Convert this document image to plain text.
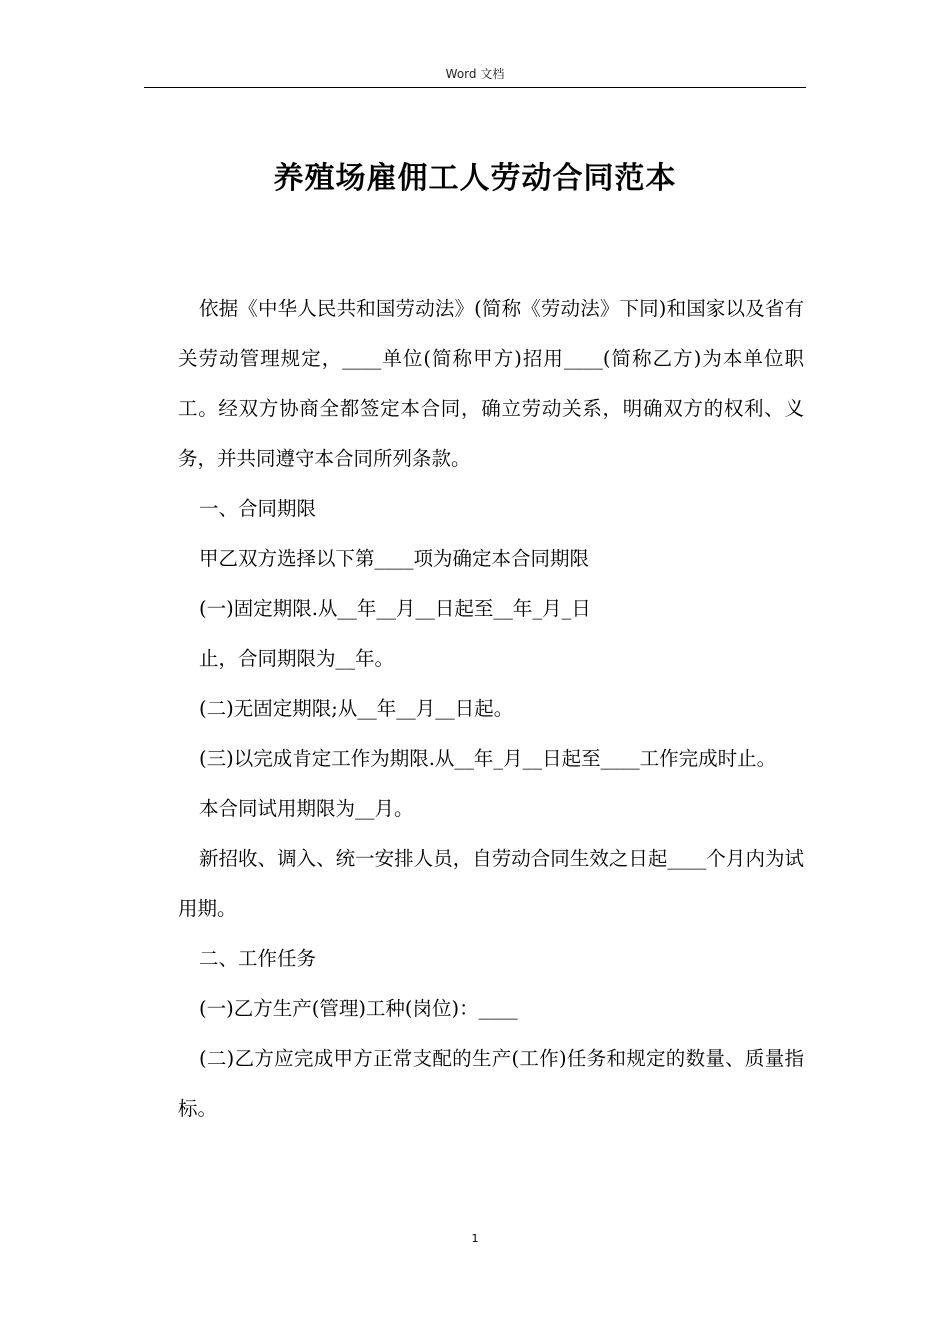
Word 文档
养殖场雇佣工人劳动合同范本

依据《中华人民共和国劳动法》(简称《劳动法》下同)和国家以及省有关劳动管理规定，____单位(简称甲方)招用____(简称乙方)为本单位职工。经双方协商全都签定本合同，确立劳动关系，明确双方的权利、义务，并共同遵守本合同所列条款。

一、合同期限

甲乙双方选择以下第____项为确定本合同期限

(一)固定期限.从__年__月__日起至__年_月_日

止，合同期限为__年。

(二)无固定期限;从__年__月__日起。

(三)以完成肯定工作为期限.从__年_月__日起至____工作完成时止。

本合同试用期限为__月。

新招收、调入、统一安排人员，自劳动合同生效之日起____个月内为试用期。

二、工作任务

(一)乙方生产(管理)工种(岗位)：____

(二)乙方应完成甲方正常支配的生产(工作)任务和规定的数量、质量指标。

1
